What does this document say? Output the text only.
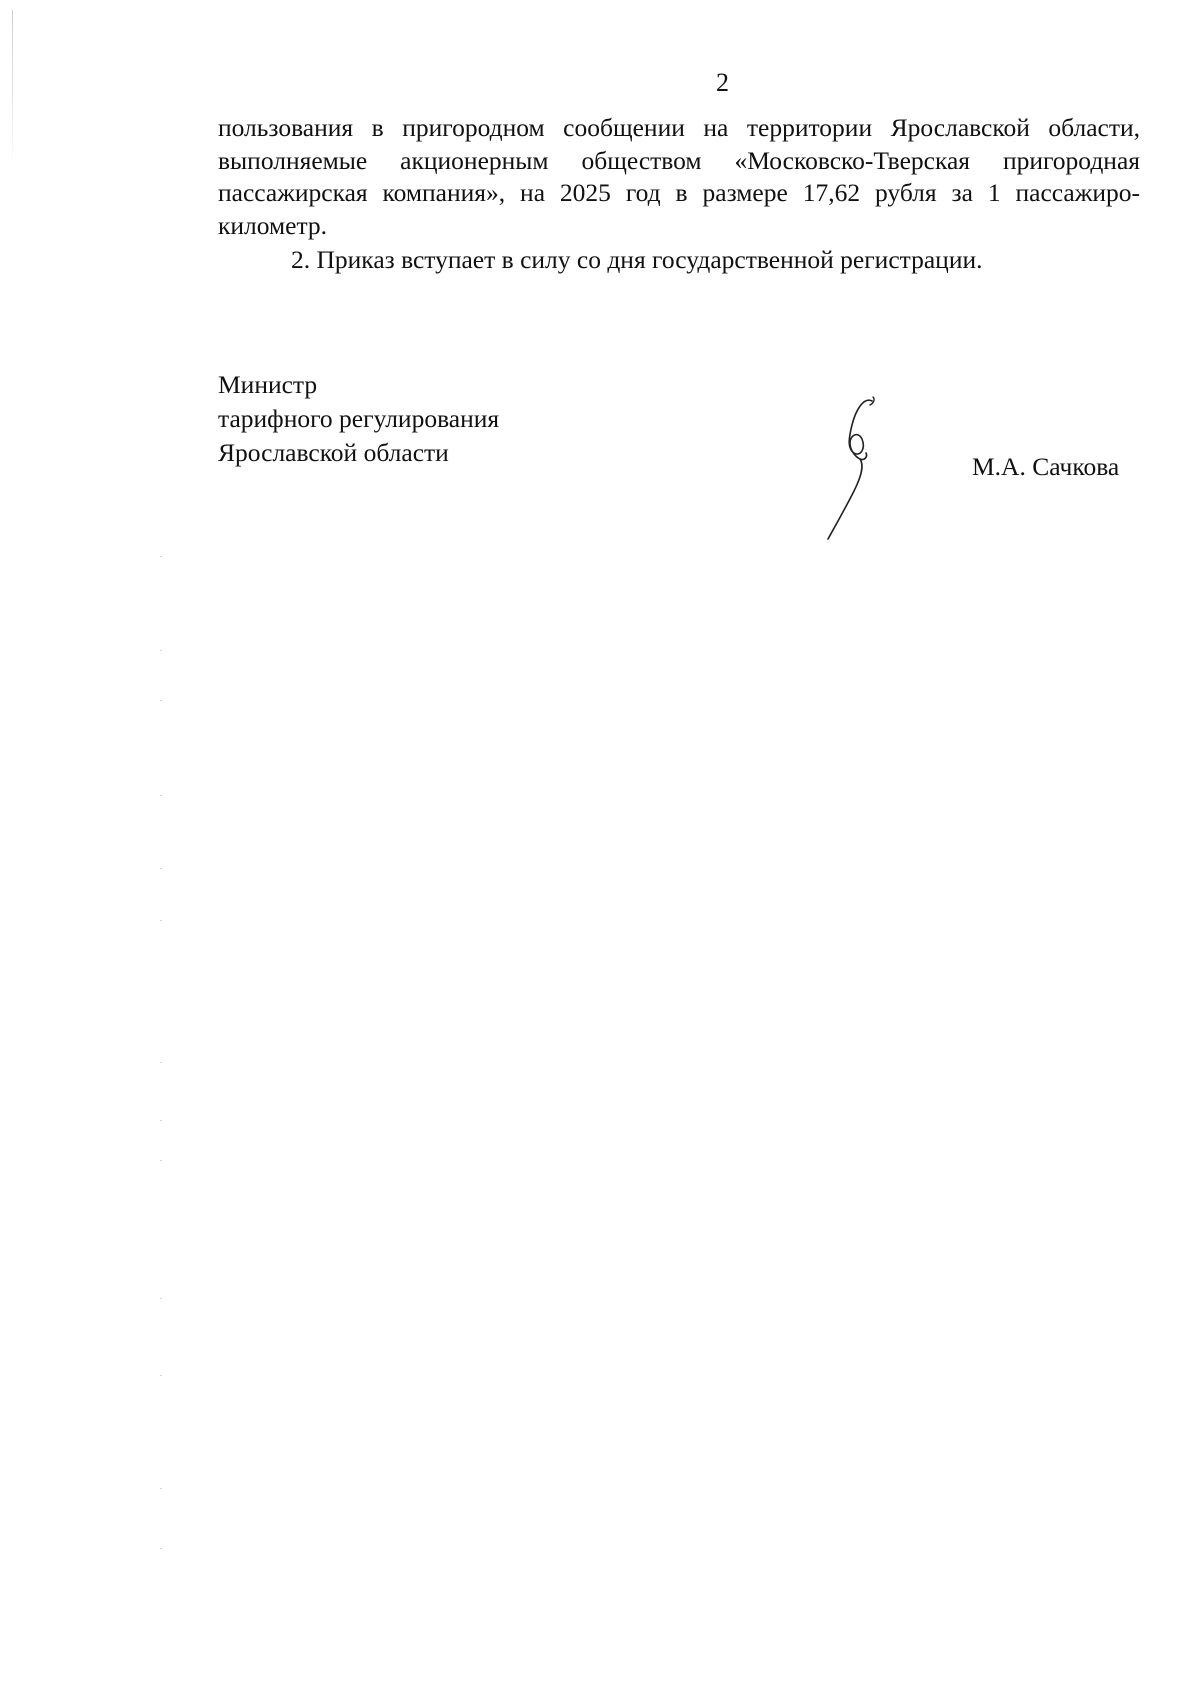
2

пользования в пригородном сообщении на территории Ярославской области, выполняемые акционерным обществом «Московско-Тверская пригородная пассажирская компания», на 2025 год в размере 17,62 рубля за 1 пассажиро-километр.

2. Приказ вступает в силу со дня государственной регистрации.

Министр
тарифного регулирования
Ярославской области	М.А. Сачкова
